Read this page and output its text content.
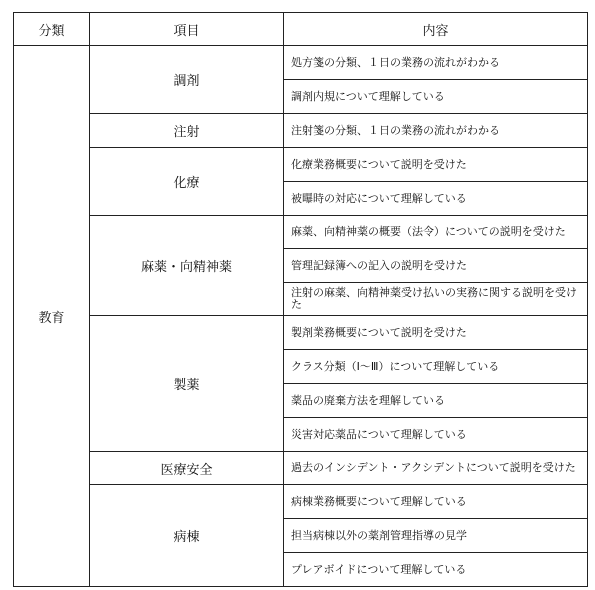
分類	項目	内容
教育	調剤	処方箋の分類、１日の業務の流れがわかる
		調剤内規について理解している
	注射	注射箋の分類、１日の業務の流れがわかる
	化療	化療業務概要について説明を受けた
		被曝時の対応について理解している
	麻薬・向精神薬	麻薬、向精神薬の概要（法令）についての説明を受けた
		管理記録簿への記入の説明を受けた
		注射の麻薬、向精神薬受け払いの実務に関する説明を受けた
	製薬	製剤業務概要について説明を受けた
		クラス分類（Ⅰ～Ⅲ）について理解している
		薬品の廃棄方法を理解している
		災害対応薬品について理解している
	医療安全	過去のインシデント・アクシデントについて説明を受けた
	病棟	病棟業務概要について理解している
		担当病棟以外の薬剤管理指導の見学
		プレアボイドについて理解している
